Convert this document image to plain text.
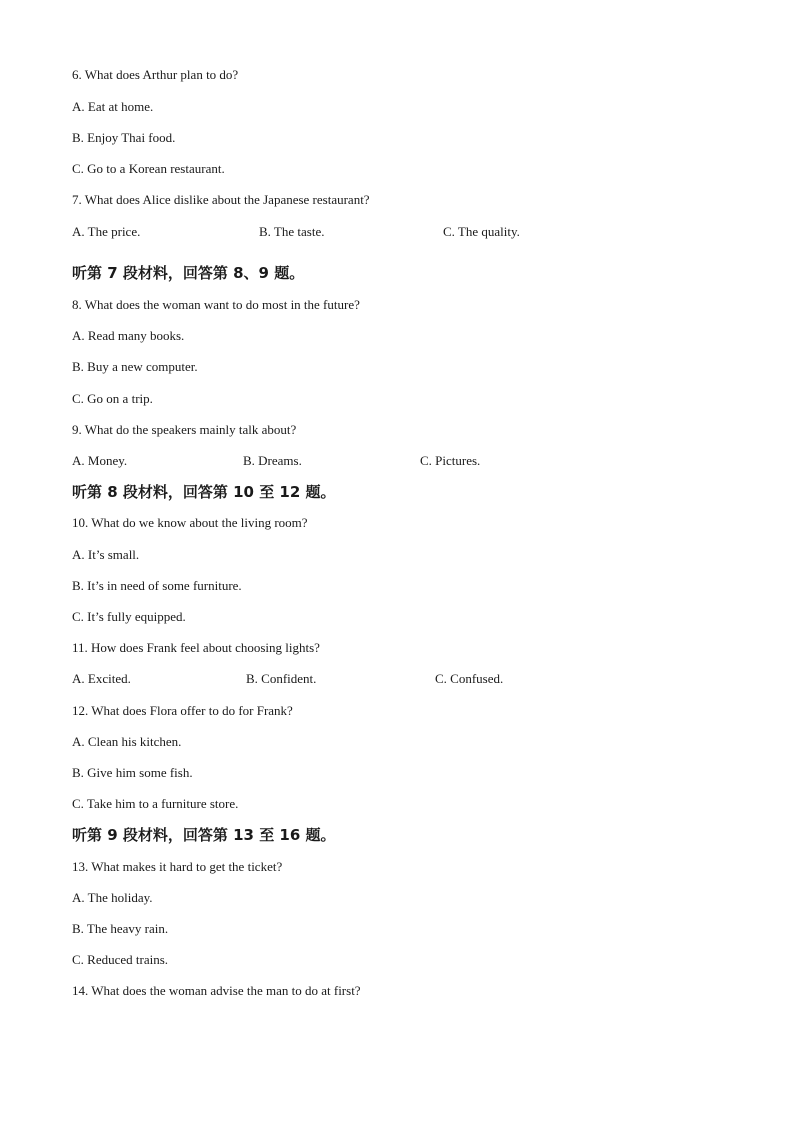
6. What does Arthur plan to do?
A. Eat at home.
B. Enjoy Thai food.
C. Go to a Korean restaurant.
7. What does Alice dislike about the Japanese restaurant?
A. The price.	B. The taste.	C. The quality.
听第 7 段材料，回答第 8、9 题。
8. What does the woman want to do most in the future?
A. Read many books.
B. Buy a new computer.
C. Go on a trip.
9. What do the speakers mainly talk about?
A. Money.	B. Dreams.	C. Pictures.
听第 8 段材料，回答第 10 至 12 题。
10. What do we know about the living room?
A. It’s small.
B. It’s in need of some furniture.
C. It’s fully equipped.
11. How does Frank feel about choosing lights?
A. Excited.	B. Confident.	C. Confused.
12. What does Flora offer to do for Frank?
A. Clean his kitchen.
B. Give him some fish.
C. Take him to a furniture store.
听第 9 段材料，回答第 13 至 16 题。
13. What makes it hard to get the ticket?
A. The holiday.
B. The heavy rain.
C. Reduced trains.
14. What does the woman advise the man to do at first?
